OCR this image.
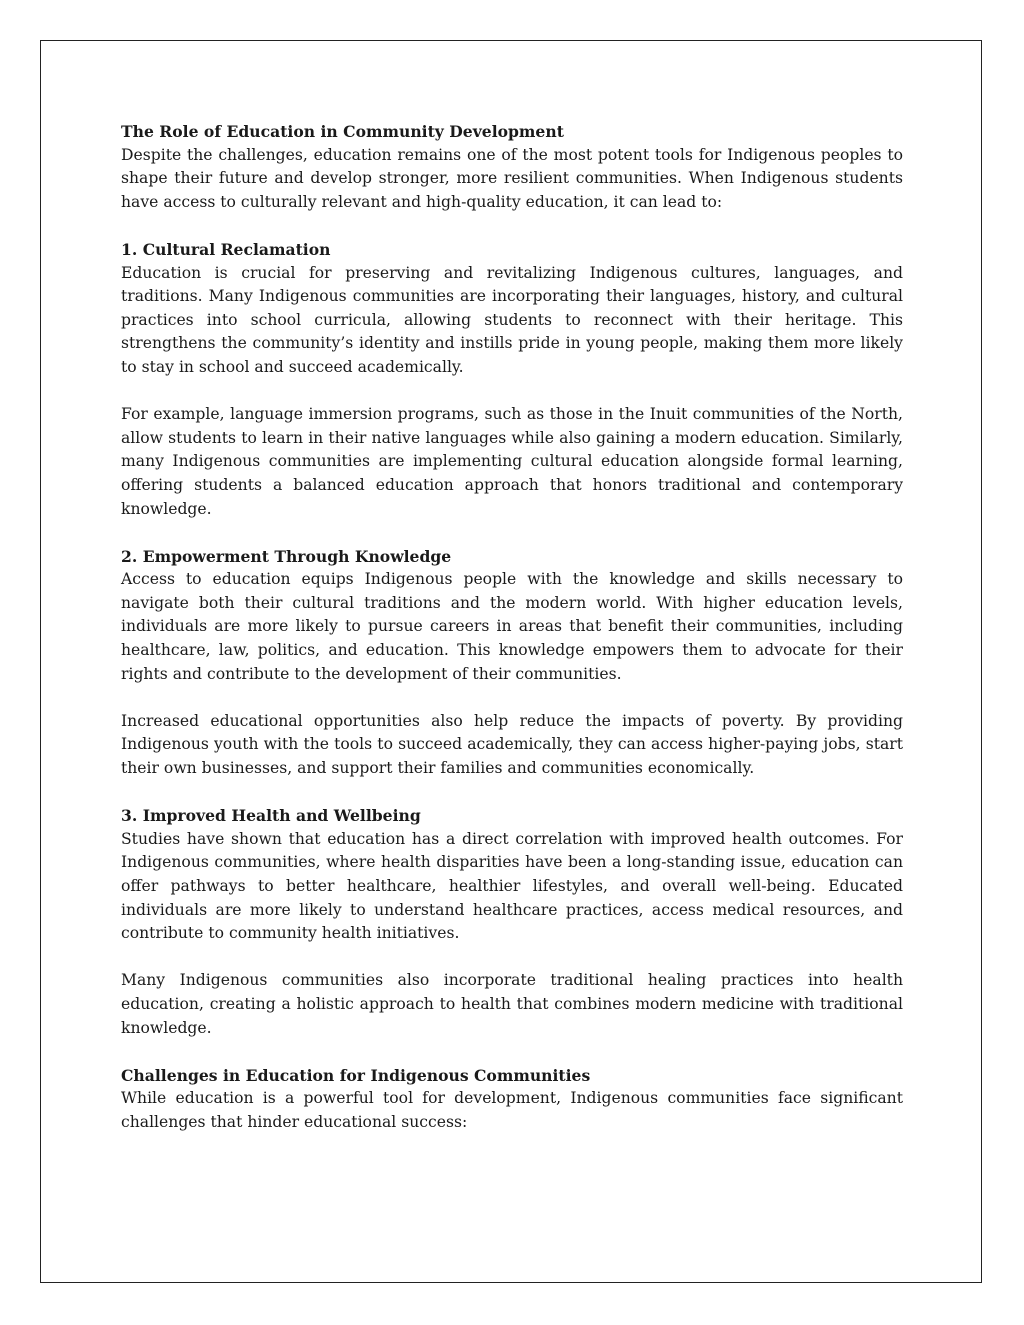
The Role of Education in Community Development

Despite the challenges, education remains one of the most potent tools for Indigenous peoples to shape their future and develop stronger, more resilient communities. When Indigenous students have access to culturally relevant and high-quality education, it can lead to:

1. Cultural Reclamation

Education is crucial for preserving and revitalizing Indigenous cultures, languages, and traditions. Many Indigenous communities are incorporating their languages, history, and cultural practices into school curricula, allowing students to reconnect with their heritage. This strengthens the community’s identity and instills pride in young people, making them more likely to stay in school and succeed academically.

For example, language immersion programs, such as those in the Inuit communities of the North, allow students to learn in their native languages while also gaining a modern education. Similarly, many Indigenous communities are implementing cultural education alongside formal learning, offering students a balanced education approach that honors traditional and contemporary knowledge.

2. Empowerment Through Knowledge

Access to education equips Indigenous people with the knowledge and skills necessary to navigate both their cultural traditions and the modern world. With higher education levels, individuals are more likely to pursue careers in areas that benefit their communities, including healthcare, law, politics, and education. This knowledge empowers them to advocate for their rights and contribute to the development of their communities.

Increased educational opportunities also help reduce the impacts of poverty. By providing Indigenous youth with the tools to succeed academically, they can access higher-paying jobs, start their own businesses, and support their families and communities economically.

3. Improved Health and Wellbeing

Studies have shown that education has a direct correlation with improved health outcomes. For Indigenous communities, where health disparities have been a long-standing issue, education can offer pathways to better healthcare, healthier lifestyles, and overall well-being. Educated individuals are more likely to understand healthcare practices, access medical resources, and contribute to community health initiatives.

Many Indigenous communities also incorporate traditional healing practices into health education, creating a holistic approach to health that combines modern medicine with traditional knowledge.

Challenges in Education for Indigenous Communities

While education is a powerful tool for development, Indigenous communities face significant challenges that hinder educational success:
